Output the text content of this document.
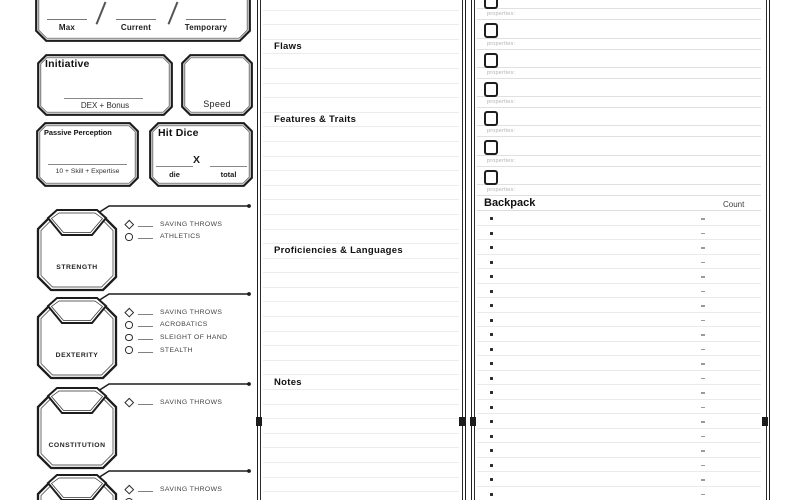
Max	Current	Temporary
Initiative
DEX + Bonus	Speed
Passive Perception
10 + Skill + Expertise
Hit Dice
X
die	total
Flaws
Features & Traits
Proficiencies & Languages
Notes
properties:
properties:
properties:
properties:
properties:
properties:
properties:
Backpack	Count
STRENGTH
SAVING THROWS
ATHLETICS
DEXTERITY
SAVING THROWS
ACROBATICS
SLEIGHT OF HAND
STEALTH
CONSTITUTION
SAVING THROWS
SAVING THROWS
